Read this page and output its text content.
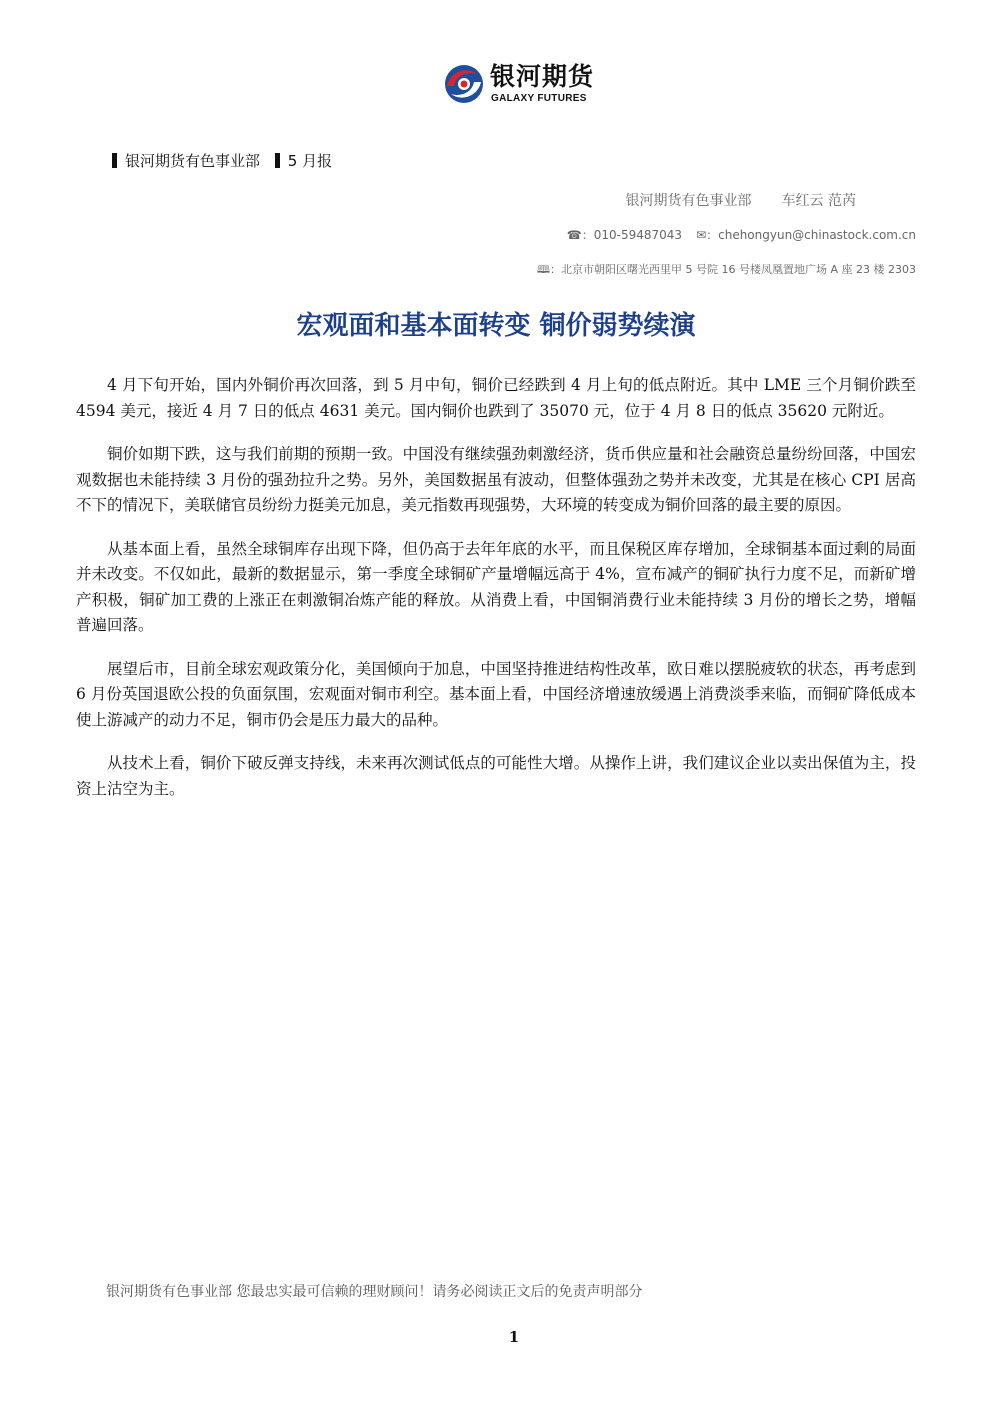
银河期货
GALAXY FUTURES
银河期货有色事业部 5 月报
银河期货有色事业部 车红云 范芮
☎：010-59487043 ✉：chehongyun@chinastock.com.cn
🕮：北京市朝阳区曙光西里甲 5 号院 16 号楼凤凰置地广场 A 座 23 楼 2303
宏观面和基本面转变 铜价弱势续演

4 月下旬开始，国内外铜价再次回落，到 5 月中旬，铜价已经跌到 4 月上旬的低点附近。其中 LME 三个月铜价跌至 4594 美元，接近 4 月 7 日的低点 4631 美元。国内铜价也跌到了 35070 元，位于 4 月 8 日的低点 35620 元附近。

铜价如期下跌，这与我们前期的预期一致。中国没有继续强劲刺激经济，货币供应量和社会融资总量纷纷回落，中国宏观数据也未能持续 3 月份的强劲拉升之势。另外，美国数据虽有波动，但整体强劲之势并未改变，尤其是在核心 CPI 居高不下的情况下，美联储官员纷纷力挺美元加息，美元指数再现强势，大环境的转变成为铜价回落的最主要的原因。

从基本面上看，虽然全球铜库存出现下降，但仍高于去年年底的水平，而且保税区库存增加，全球铜基本面过剩的局面并未改变。不仅如此，最新的数据显示，第一季度全球铜矿产量增幅远高于 4%，宣布减产的铜矿执行力度不足，而新矿增产积极，铜矿加工费的上涨正在刺激铜冶炼产能的释放。从消费上看，中国铜消费行业未能持续 3 月份的增长之势，增幅普遍回落。

展望后市，目前全球宏观政策分化，美国倾向于加息，中国坚持推进结构性改革，欧日难以摆脱疲软的状态，再考虑到 6 月份英国退欧公投的负面氛围，宏观面对铜市利空。基本面上看，中国经济增速放缓遇上消费淡季来临，而铜矿降低成本使上游减产的动力不足，铜市仍会是压力最大的品种。

从技术上看，铜价下破反弹支持线，未来再次测试低点的可能性大增。从操作上讲，我们建议企业以卖出保值为主，投资上沽空为主。

银河期货有色事业部 您最忠实最可信赖的理财顾问！请务必阅读正文后的免责声明部分
1
